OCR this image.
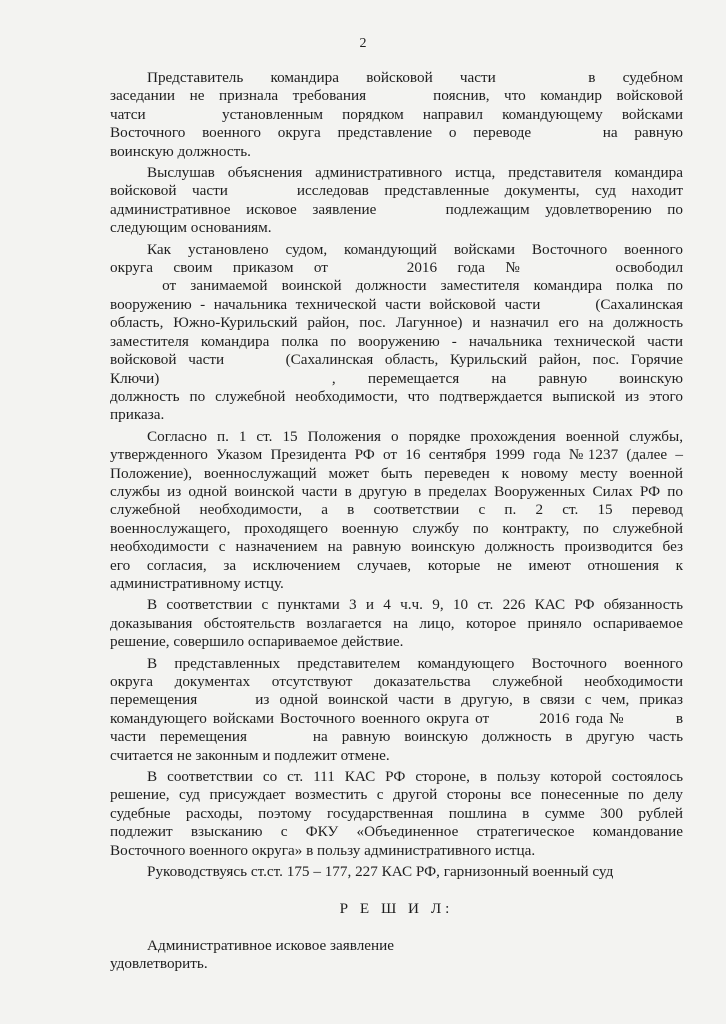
2
Представитель командира войсковой части	в судебном
заседании не признала требования	пояснив, что командир войсковой
чатси	установленным порядком направил командующему войсками
Восточного военного округа представление о переводе	на равную
воинскую должность.
Выслушав объяснения административного истца, представителя командира
войсковой части	исследовав представленные документы, суд находит
административное исковое заявление	подлежащим удовлетворению по
следующим основаниям.
Как установлено судом, командующий войсками Восточного военного
округа своим приказом от	2016 года №	освободил
от занимаемой воинской должности заместителя командира полка по
вооружению - начальника технической части войсковой части	(Сахалинская
область, Южно-Курильский район, пос. Лагунное) и назначил его на должность
заместителя командира полка по вооружению - начальника технической части
войсковой части	(Сахалинская область, Курильский район, пос. Горячие
Ключи)	, перемещается на равную воинскую
должность по служебной необходимости, что подтверждается выпиской из этого
приказа.
Согласно п. 1 ст. 15 Положения о порядке прохождения военной службы,
утвержденного Указом Президента РФ от 16 сентября 1999 года №1237 (далее –
Положение), военнослужащий может быть переведен к новому месту военной
службы из одной воинской части в другую в пределах Вооруженных Силах РФ по
служебной необходимости, а в соответствии с п. 2 ст. 15 перевод
военнослужащего, проходящего военную службу по контракту, по служебной
необходимости с назначением на равную воинскую должность производится без
его согласия, за исключением случаев, которые не имеют отношения к
административному истцу.
В соответствии с пунктами 3 и 4 ч.ч. 9, 10 ст. 226 КАС РФ обязанность
доказывания обстоятельств возлагается на лицо, которое приняло оспариваемое
решение, совершило оспариваемое действие.
В представленных представителем командующего Восточного военного
округа документах отсутствуют доказательства служебной необходимости
перемещения	из одной воинской части в другую, в связи с чем, приказ
командующего войсками Восточного военного округа от	2016 года №	в
части перемещения	на равную воинскую должность в другую часть
считается не законным и подлежит отмене.
В соответствии со ст. 111 КАС РФ стороне, в пользу которой состоялось
решение, суд присуждает возместить с другой стороны все понесенные по делу
судебные расходы, поэтому государственная пошлина в сумме 300 рублей
подлежит взысканию с ФКУ «Объединенное стратегическое командование
Восточного военного округа» в пользу административного истца.
Руководствуясь ст.ст. 175 – 177, 227 КАС РФ, гарнизонный военный суд
Р Е Ш И Л:
Административное исковое заявление
удовлетворить.
